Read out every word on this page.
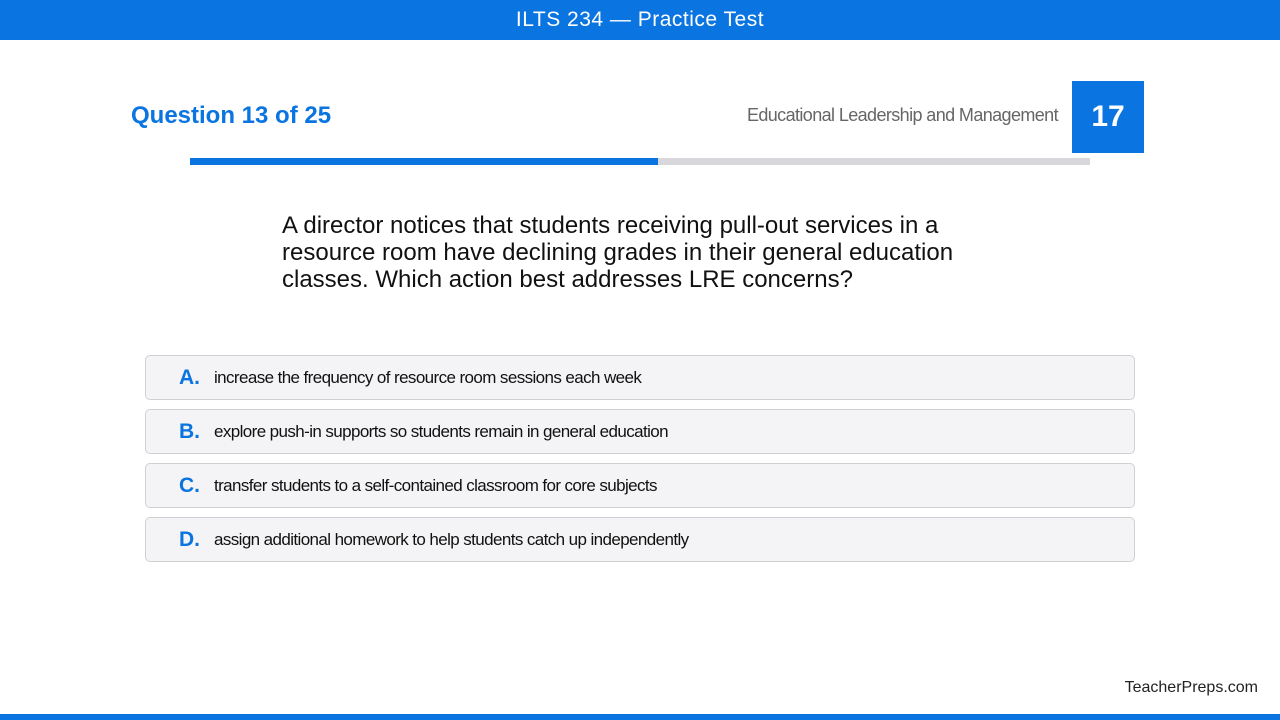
ILTS 234 — Practice Test
Question 13 of 25	Educational Leadership and Management	17
A director notices that students receiving pull-out services in a resource room have declining grades in their general education classes. Which action best addresses LRE concerns?
A. increase the frequency of resource room sessions each week
B. explore push-in supports so students remain in general education
C. transfer students to a self-contained classroom for core subjects
D. assign additional homework to help students catch up independently
TeacherPreps.com
